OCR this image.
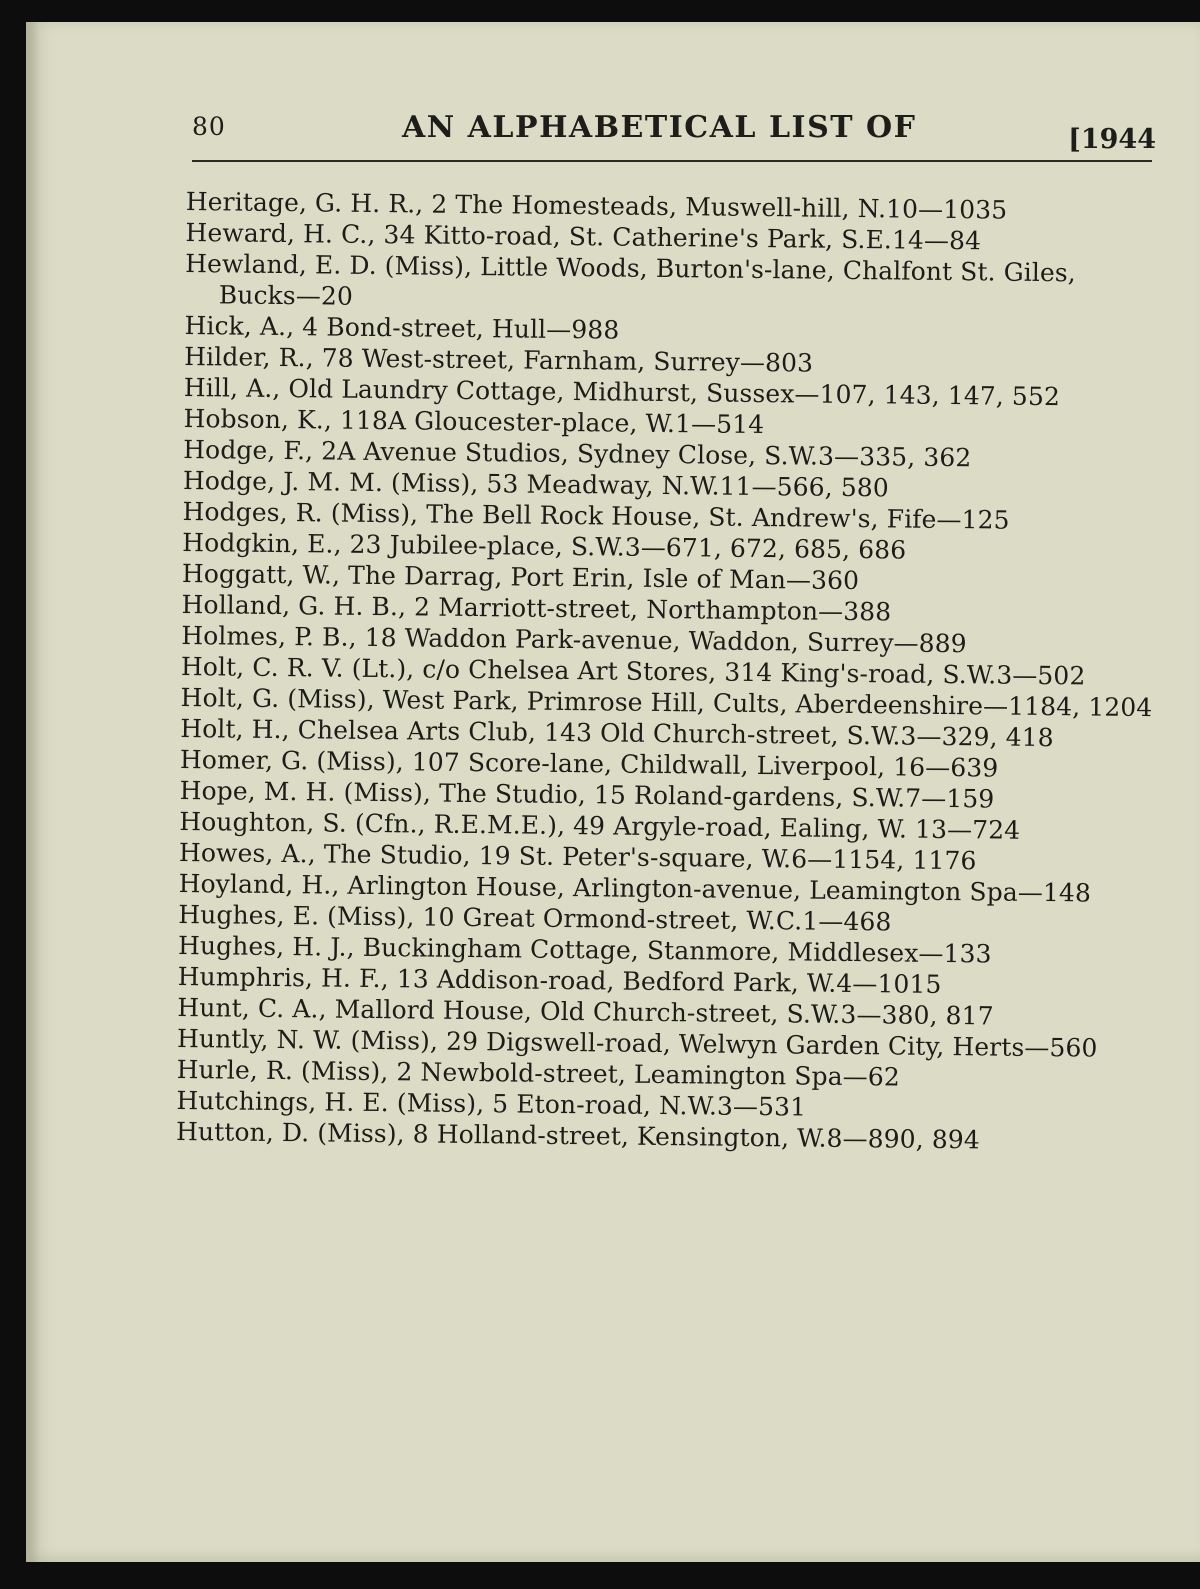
80	AN ALPHABETICAL LIST OF	[1944
Heritage, G. H. R., 2 The Homesteads, Muswell-hill, N.10—1035
Heward, H. C., 34 Kitto-road, St. Catherine's Park, S.E.14—84
Hewland, E. D. (Miss), Little Woods, Burton's-lane, Chalfont St. Giles, Bucks—20
Hick, A., 4 Bond-street, Hull—988
Hilder, R., 78 West-street, Farnham, Surrey—803
Hill, A., Old Laundry Cottage, Midhurst, Sussex—107, 143, 147, 552
Hobson, K., 118A Gloucester-place, W.1—514
Hodge, F., 2A Avenue Studios, Sydney Close, S.W.3—335, 362
Hodge, J. M. M. (Miss), 53 Meadway, N.W.11—566, 580
Hodges, R. (Miss), The Bell Rock House, St. Andrew's, Fife—125
Hodgkin, E., 23 Jubilee-place, S.W.3—671, 672, 685, 686
Hoggatt, W., The Darrag, Port Erin, Isle of Man—360
Holland, G. H. B., 2 Marriott-street, Northampton—388
Holmes, P. B., 18 Waddon Park-avenue, Waddon, Surrey—889
Holt, C. R. V. (Lt.), c/o Chelsea Art Stores, 314 King's-road, S.W.3—502
Holt, G. (Miss), West Park, Primrose Hill, Cults, Aberdeenshire—1184, 1204
Holt, H., Chelsea Arts Club, 143 Old Church-street, S.W.3—329, 418
Homer, G. (Miss), 107 Score-lane, Childwall, Liverpool, 16—639
Hope, M. H. (Miss), The Studio, 15 Roland-gardens, S.W.7—159
Houghton, S. (Cfn., R.E.M.E.), 49 Argyle-road, Ealing, W. 13—724
Howes, A., The Studio, 19 St. Peter's-square, W.6—1154, 1176
Hoyland, H., Arlington House, Arlington-avenue, Leamington Spa—148
Hughes, E. (Miss), 10 Great Ormond-street, W.C.1—468
Hughes, H. J., Buckingham Cottage, Stanmore, Middlesex—133
Humphris, H. F., 13 Addison-road, Bedford Park, W.4—1015
Hunt, C. A., Mallord House, Old Church-street, S.W.3—380, 817
Huntly, N. W. (Miss), 29 Digswell-road, Welwyn Garden City, Herts—560
Hurle, R. (Miss), 2 Newbold-street, Leamington Spa—62
Hutchings, H. E. (Miss), 5 Eton-road, N.W.3—531
Hutton, D. (Miss), 8 Holland-street, Kensington, W.8—890, 894
